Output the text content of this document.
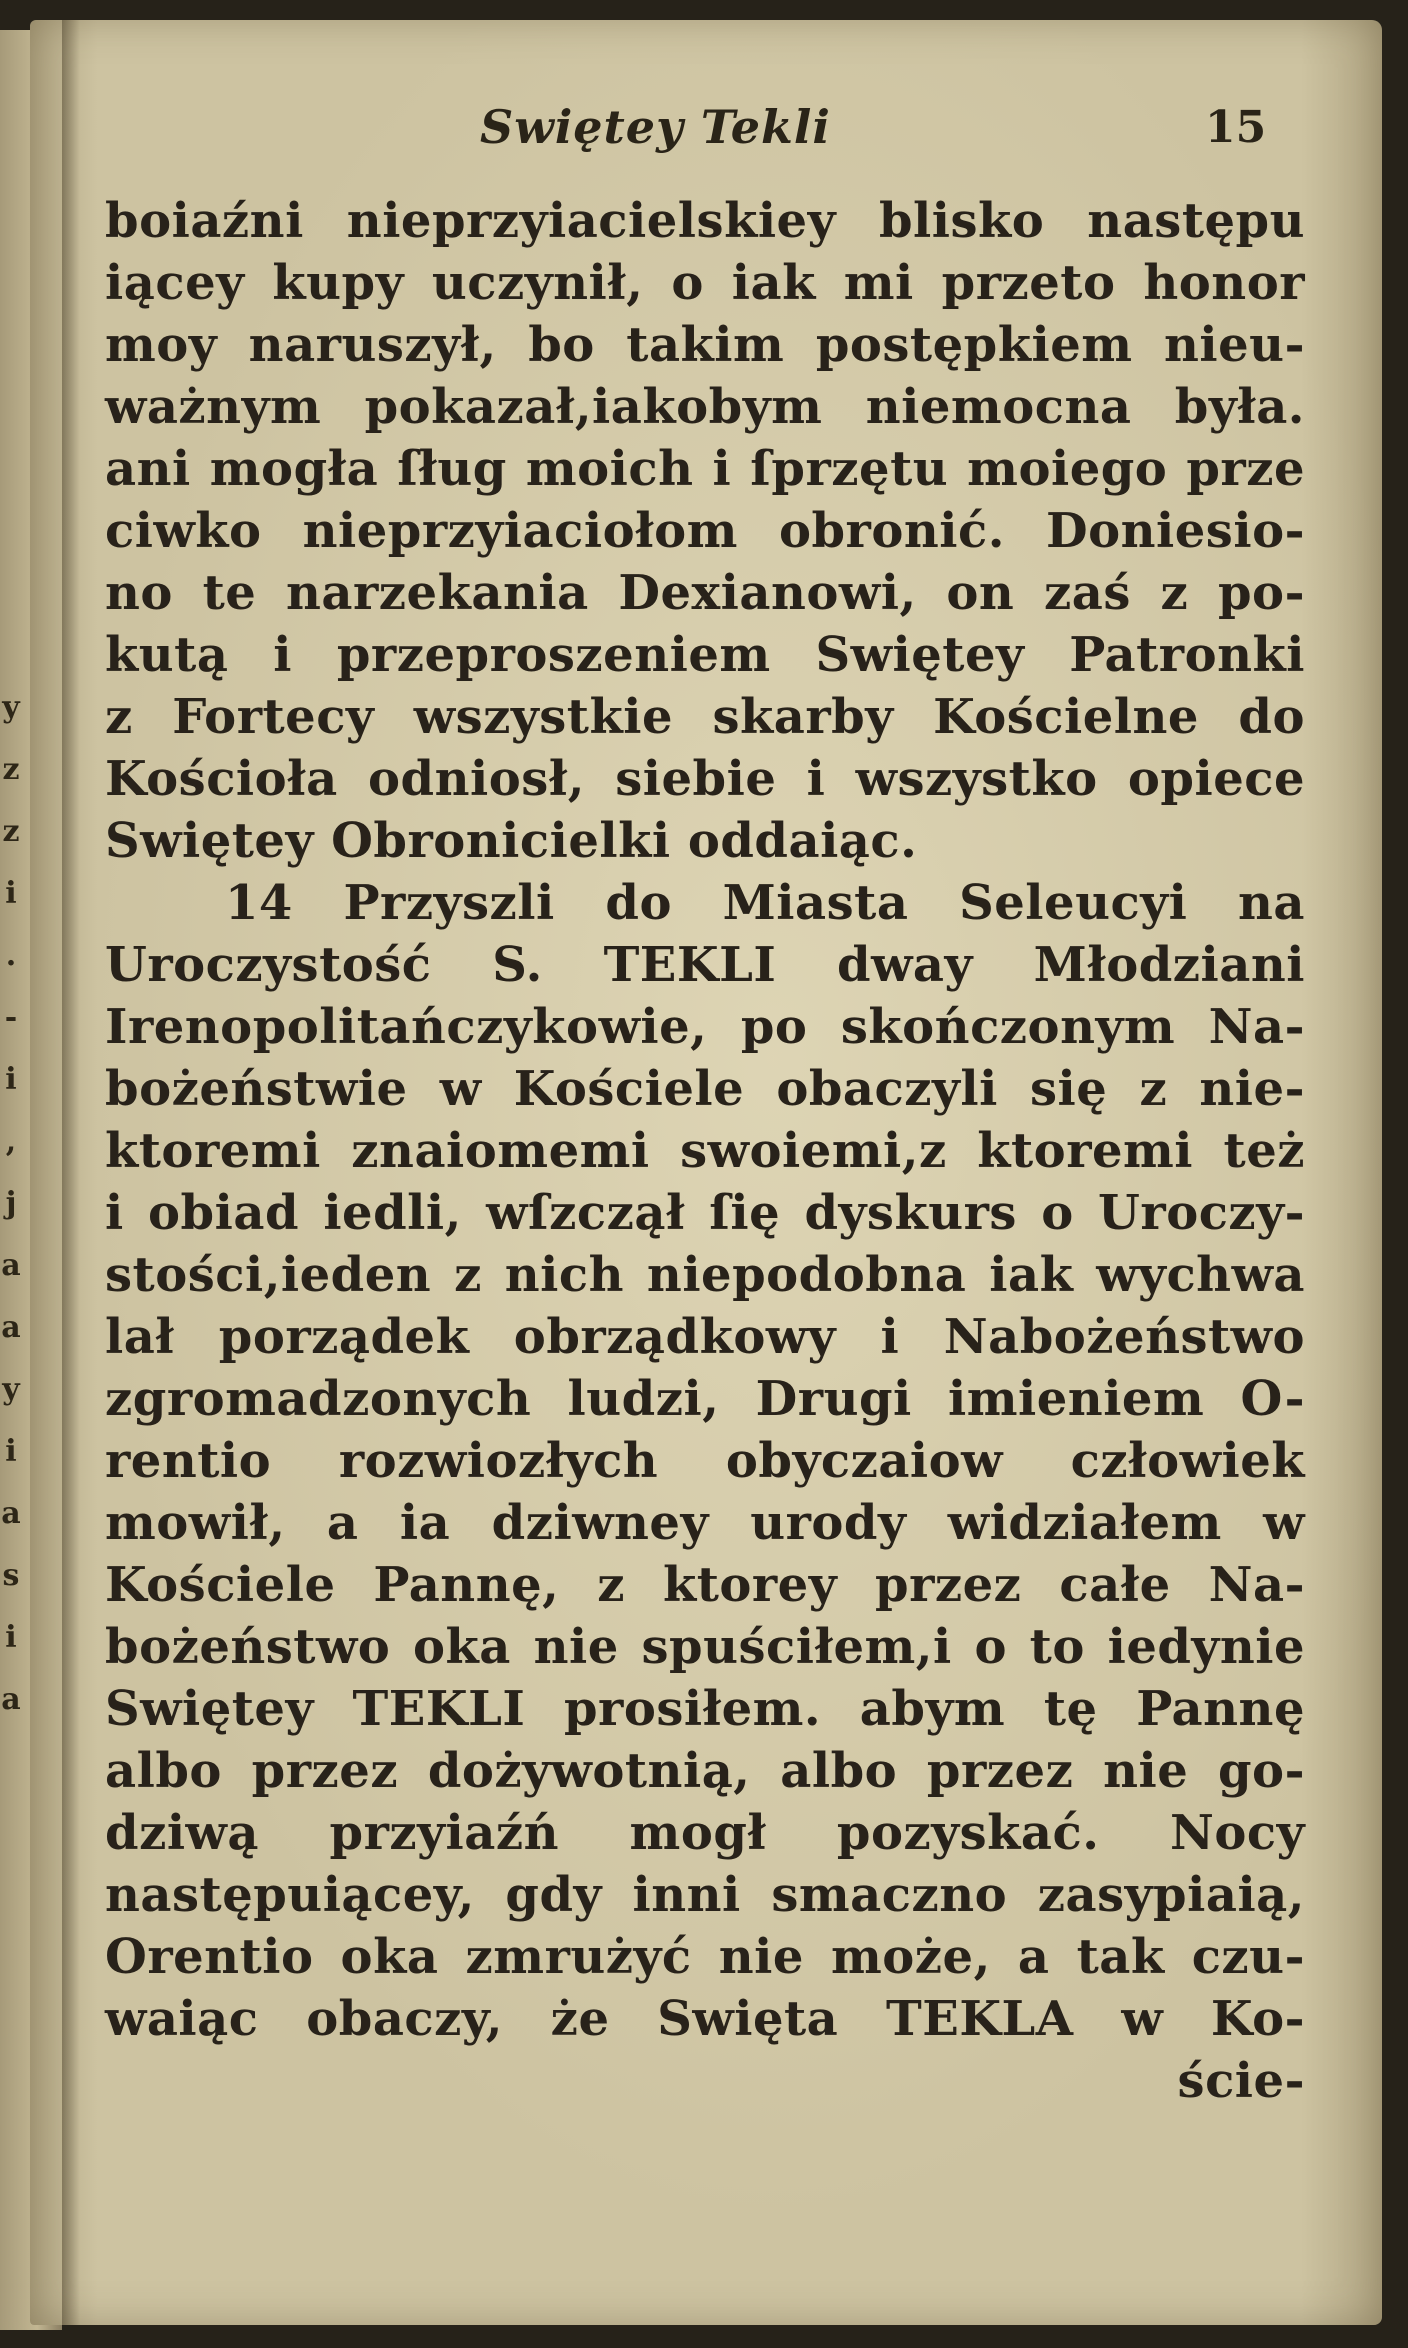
y
z
z
i
.
-
i
,
j
a
a
y
i
a
s
i
a
Swiętey Tekli	15
boiaźni nieprzyiacielskiey blisko następu
iącey kupy uczynił, o iak mi przeto honor
moy naruszył, bo takim postępkiem nieu-
ważnym pokazał,iakobym niemocna była.
ani mogła ſług moich i ſprzętu moiego prze
ciwko nieprzyiaciołom obronić. Doniesio-
no te narzekania Dexianowi, on zaś z po-
kutą i przeproszeniem Swiętey Patronki
z Fortecy wszystkie skarby Kościelne do
Kościoła odniosł, siebie i wszystko opiece
Swiętey Obronicielki oddaiąc.
14 Przyszli do Miasta Seleucyi na
Uroczystość S. TEKLI dway Młodziani
Irenopolitańczykowie, po skończonym Na-
bożeństwie w Kościele obaczyli się z nie-
ktoremi znaiomemi swoiemi,z ktoremi też
i obiad iedli, wſzczął ſię dyskurs o Uroczy-
stości,ieden z nich niepodobna iak wychwa
lał porządek obrządkowy i Nabożeństwo
zgromadzonych ludzi, Drugi imieniem O-
rentio rozwiozłych obyczaiow człowiek
mowił, a ia dziwney urody widziałem w
Kościele Pannę, z ktorey przez całe Na-
bożeństwo oka nie spuściłem,i o to iedynie
Swiętey TEKLI prosiłem. abym tę Pannę
albo przez dożywotnią, albo przez nie go-
dziwą przyiaźń mogł pozyskać. Nocy
następuiącey, gdy inni smaczno zasypiaią,
Orentio oka zmrużyć nie może, a tak czu-
waiąc obaczy, że Swięta TEKLA w Ko-
ście-
